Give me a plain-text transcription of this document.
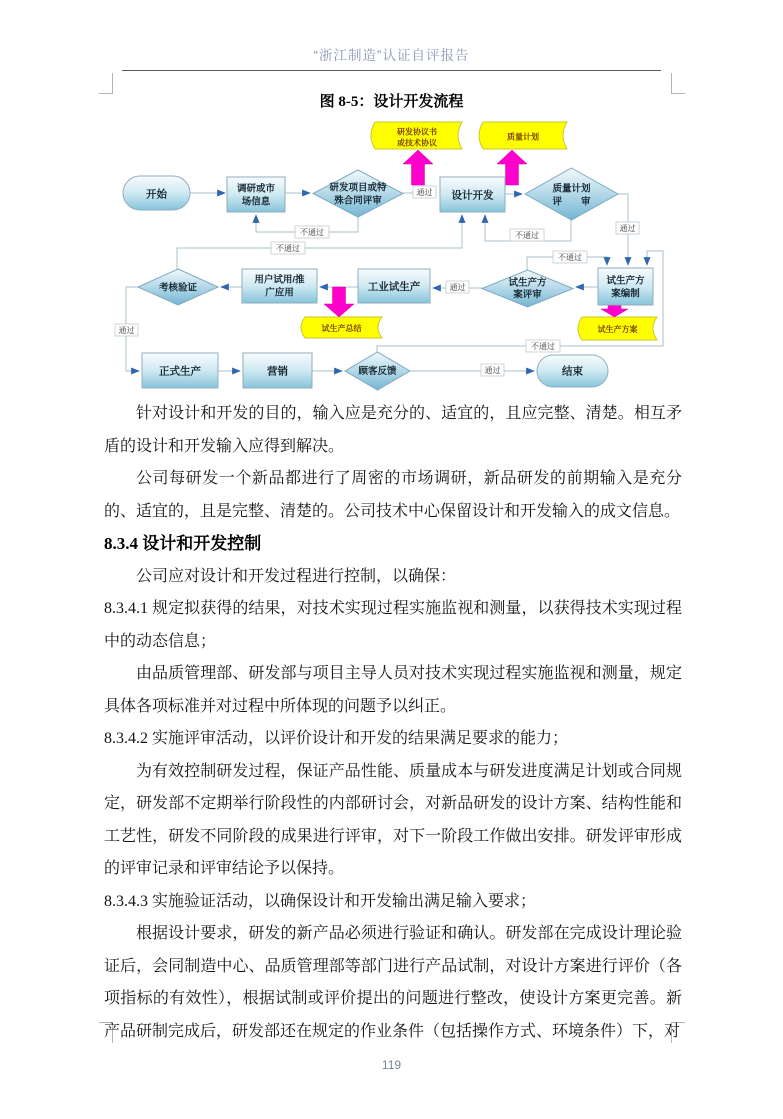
“浙江制造”认证自评报告
图 8-5：设计开发流程
开始	调研或市
场信息
研发项目或特
殊合同评审	设计开发
质量计划
评　　审
考核验证
用户试用/推
广应用	工业试生产	试生产方
案评审
试生产方
案编制
正式生产	营销	顾客反馈	结束
研发协议书
或技术协议
质量计划
试生产总结	试生产方案
通过
通过
通过
通过
通过
不通过	不通过
不通过
不通过
不通过

针对设计和开发的目的，输入应是充分的、适宜的，且应完整、清楚。相互矛盾的设计和开发输入应得到解决。

公司每研发一个新品都进行了周密的市场调研，新品研发的前期输入是充分的、适宜的，且是完整、清楚的。公司技术中心保留设计和开发输入的成文信息。

8.3.4 设计和开发控制

公司应对设计和开发过程进行控制，以确保：

8.3.4.1 规定拟获得的结果，对技术实现过程实施监视和测量，以获得技术实现过程中的动态信息；

由品质管理部、研发部与项目主导人员对技术实现过程实施监视和测量，规定具体各项标准并对过程中所体现的问题予以纠正。

8.3.4.2 实施评审活动，以评价设计和开发的结果满足要求的能力；

为有效控制研发过程，保证产品性能、质量成本与研发进度满足计划或合同规定，研发部不定期举行阶段性的内部研讨会，对新品研发的设计方案、结构性能和工艺性，研发不同阶段的成果进行评审，对下一阶段工作做出安排。研发评审形成的评审记录和评审结论予以保持。

8.3.4.3 实施验证活动，以确保设计和开发输出满足输入要求；

根据设计要求，研发的新产品必须进行验证和确认。研发部在完成设计理论验证后，会同制造中心、品质管理部等部门进行产品试制，对设计方案进行评价（各项指标的有效性），根据试制或评价提出的问题进行整改，使设计方案更完善。新产品研制完成后，研发部还在规定的作业条件（包括操作方式、环境条件）下，对

119
